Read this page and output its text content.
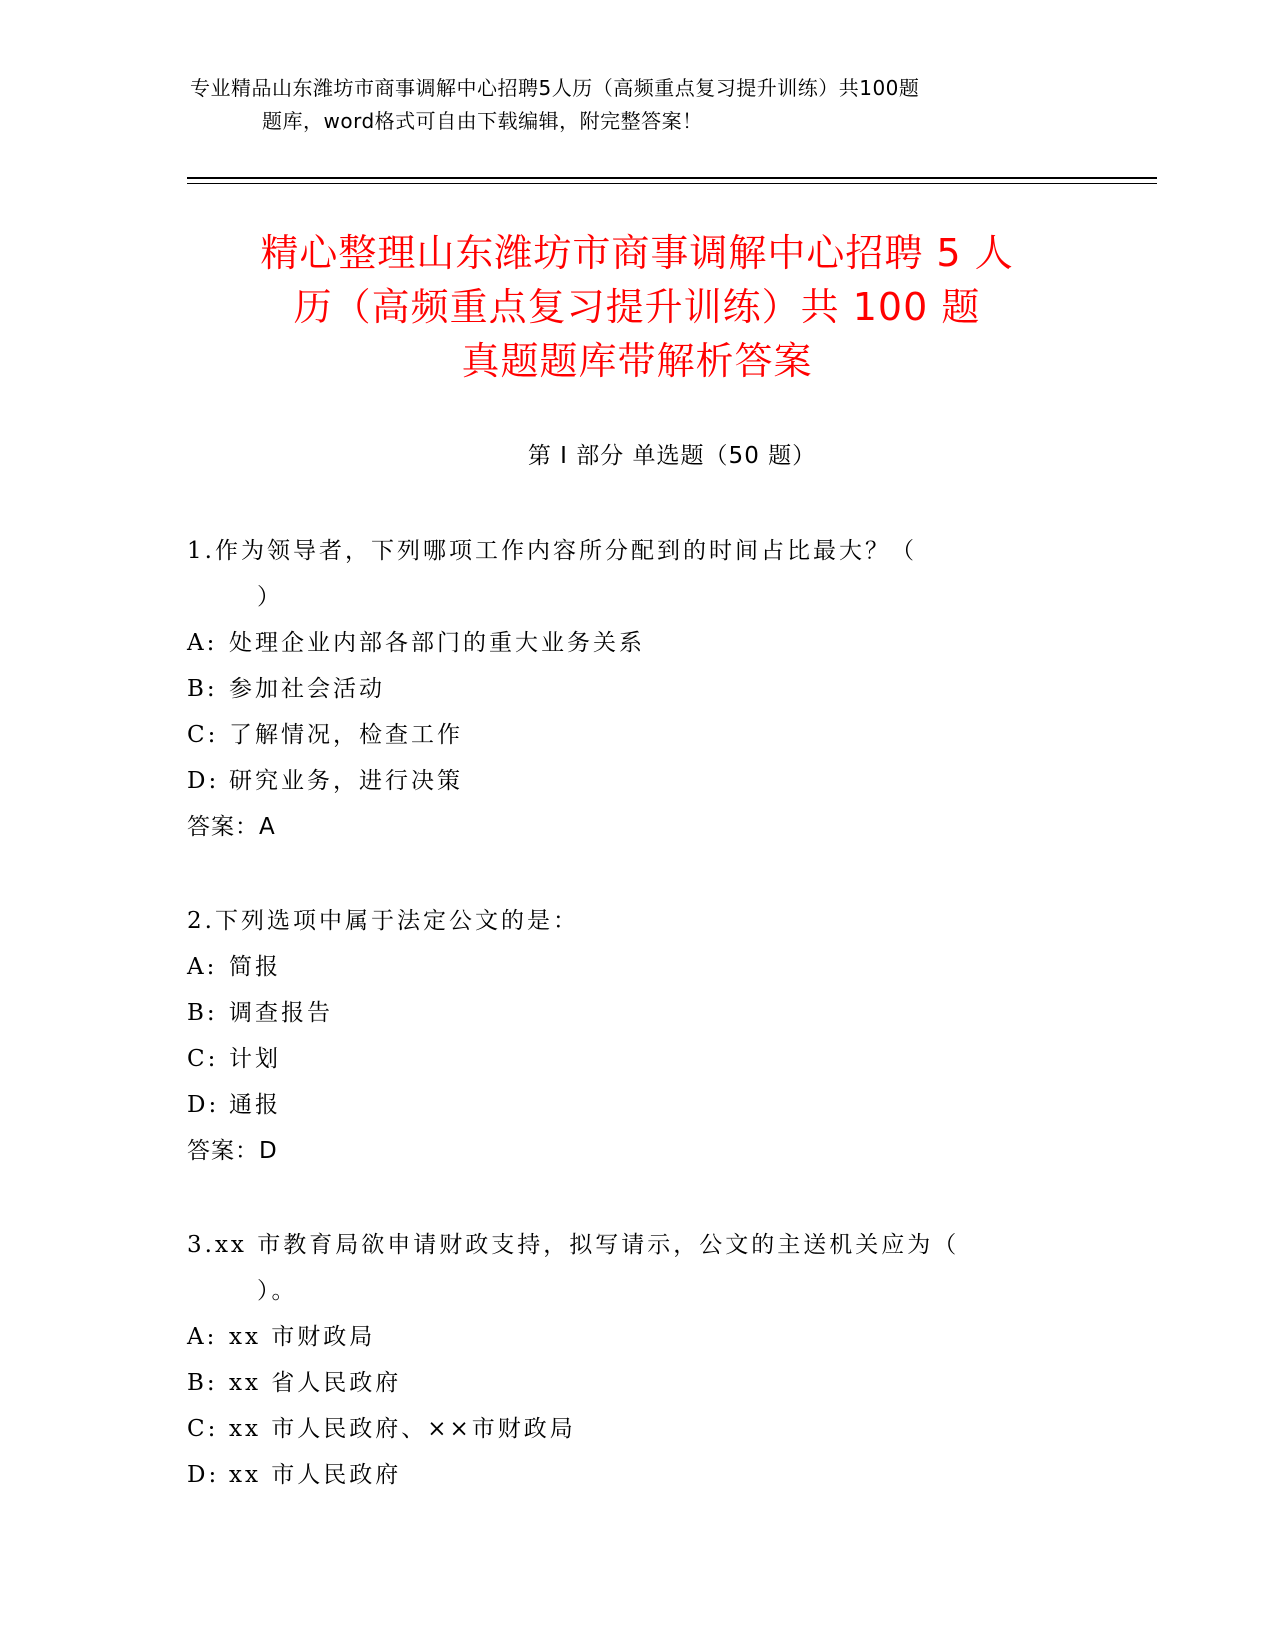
专业精品山东潍坊市商事调解中心招聘5人历（高频重点复习提升训练）共100题
题库，word格式可自由下载编辑，附完整答案！
精心整理山东潍坊市商事调解中心招聘 5 人
历（高频重点复习提升训练）共 100 题
真题题库带解析答案
第 I 部分 单选题（50 题）
1.作为领导者，下列哪项工作内容所分配到的时间占比最大？（
）
A: 处理企业内部各部门的重大业务关系
B: 参加社会活动
C: 了解情况，检查工作
D: 研究业务，进行决策
答案：A
2.下列选项中属于法定公文的是：
A: 简报
B: 调查报告
C: 计划
D: 通报
答案：D
3.xx 市教育局欲申请财政支持，拟写请示，公文的主送机关应为（
）。
A: xx 市财政局
B: xx 省人民政府
C: xx 市人民政府、××市财政局
D: xx 市人民政府
